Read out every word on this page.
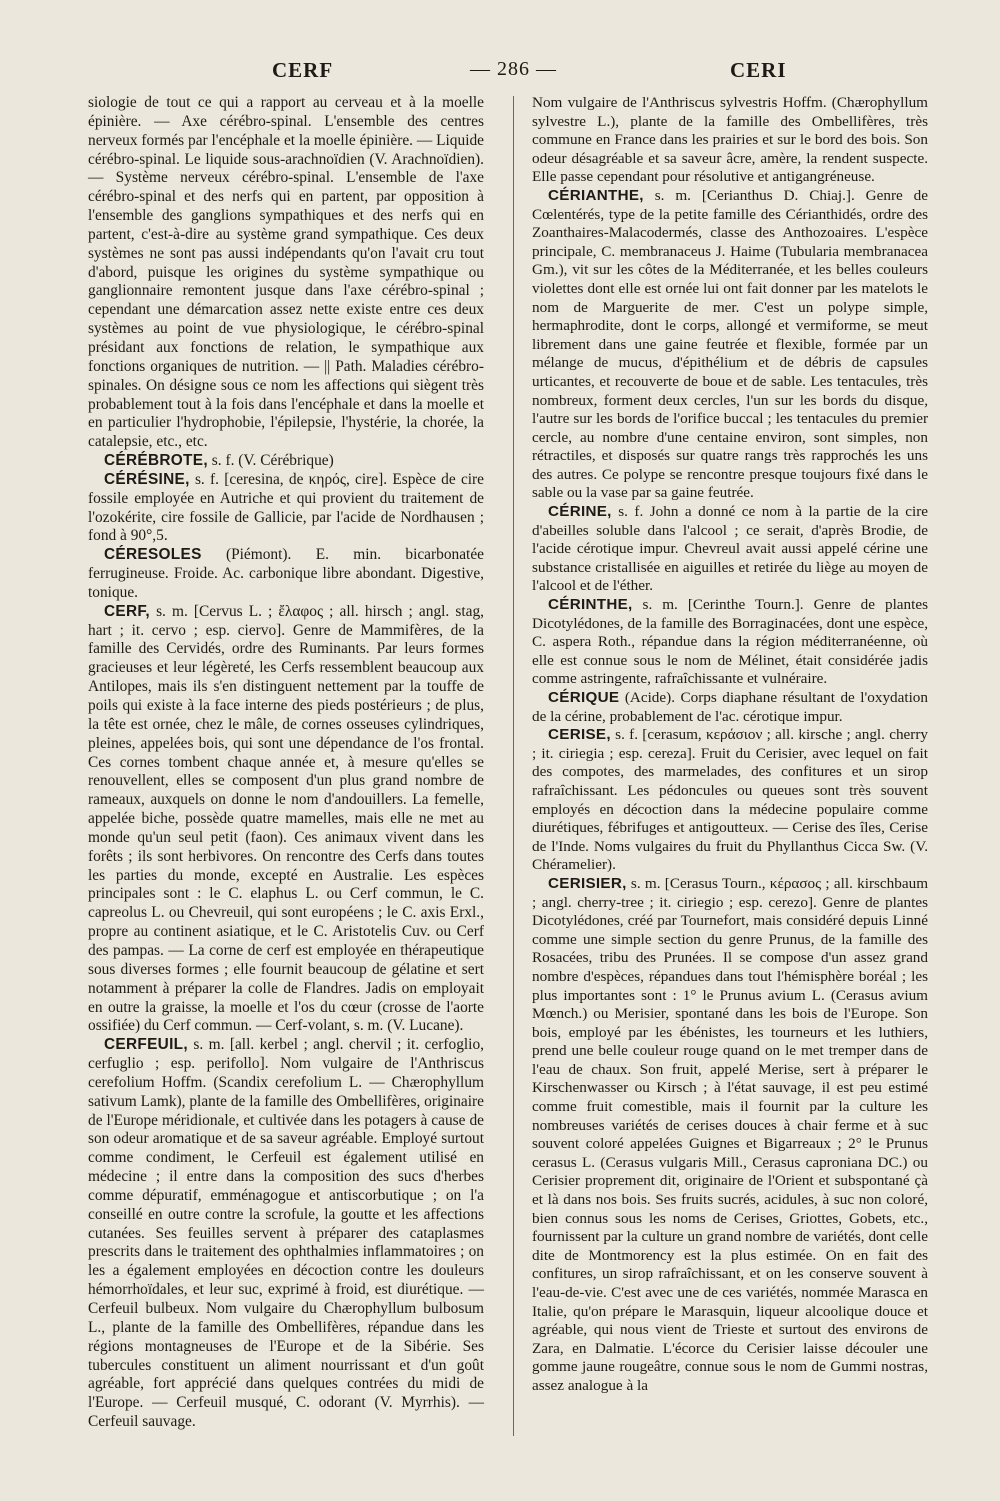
CERF	— 286 —	CERI

siologie de tout ce qui a rapport au cerveau et à la moelle épinière. — Axe cérébro-spinal. L'ensemble des centres nerveux formés par l'encéphale et la moelle épinière. — Liquide cérébro-spinal. Le liquide sous-arachnoïdien (V. Arachnoïdien). — Système nerveux cérébro-spinal. L'ensemble de l'axe cérébro-spinal et des nerfs qui en partent, par opposition à l'ensemble des ganglions sympathiques et des nerfs qui en partent, c'est-à-dire au système grand sympathique. Ces deux systèmes ne sont pas aussi indépendants qu'on l'avait cru tout d'abord, puisque les origines du système sympathique ou ganglionnaire remontent jusque dans l'axe cérébro-spinal ; cependant une démarcation assez nette existe entre ces deux systèmes au point de vue physiologique, le cérébro-spinal présidant aux fonctions de relation, le sympathique aux fonctions organiques de nutrition. — || Path. Maladies cérébro-spinales. On désigne sous ce nom les affections qui siègent très probablement tout à la fois dans l'encéphale et dans la moelle et en particulier l'hydrophobie, l'épilepsie, l'hystérie, la chorée, la catalepsie, etc., etc.

CÉRÉBROTE, s. f. (V. Cérébrique)

CÉRÉSINE, s. f. [ceresina, de κηρός, cire]. Espèce de cire fossile employée en Autriche et qui provient du traitement de l'ozokérite, cire fossile de Gallicie, par l'acide de Nordhausen ; fond à 90°,5.

CÉRESOLES (Piémont). E. min. bicarbonatée ferrugineuse. Froide. Ac. carbonique libre abondant. Digestive, tonique.

CERF, s. m. [Cervus L. ; ἔλαφος ; all. hirsch ; angl. stag, hart ; it. cervo ; esp. ciervo]. Genre de Mammifères, de la famille des Cervidés, ordre des Ruminants. Par leurs formes gracieuses et leur légèreté, les Cerfs ressemblent beaucoup aux Antilopes, mais ils s'en distinguent nettement par la touffe de poils qui existe à la face interne des pieds postérieurs ; de plus, la tête est ornée, chez le mâle, de cornes osseuses cylindriques, pleines, appelées bois, qui sont une dépendance de l'os frontal. Ces cornes tombent chaque année et, à mesure qu'elles se renouvellent, elles se composent d'un plus grand nombre de rameaux, auxquels on donne le nom d'andouillers. La femelle, appelée biche, possède quatre mamelles, mais elle ne met au monde qu'un seul petit (faon). Ces animaux vivent dans les forêts ; ils sont herbivores. On rencontre des Cerfs dans toutes les parties du monde, excepté en Australie. Les espèces principales sont : le C. elaphus L. ou Cerf commun, le C. capreolus L. ou Chevreuil, qui sont européens ; le C. axis Erxl., propre au continent asiatique, et le C. Aristotelis Cuv. ou Cerf des pampas. — La corne de cerf est employée en thérapeutique sous diverses formes ; elle fournit beaucoup de gélatine et sert notamment à préparer la colle de Flandres. Jadis on employait en outre la graisse, la moelle et l'os du cœur (crosse de l'aorte ossifiée) du Cerf commun. — Cerf-volant, s. m. (V. Lucane).

CERFEUIL, s. m. [all. kerbel ; angl. chervil ; it. cerfoglio, cerfuglio ; esp. perifollo]. Nom vulgaire de l'Anthriscus cerefolium Hoffm. (Scandix cerefolium L. — Chærophyllum sativum Lamk), plante de la famille des Ombellifères, originaire de l'Europe méridionale, et cultivée dans les potagers à cause de son odeur aromatique et de sa saveur agréable. Employé surtout comme condiment, le Cerfeuil est également utilisé en médecine ; il entre dans la composition des sucs d'herbes comme dépuratif, emménagogue et antiscorbutique ; on l'a conseillé en outre contre la scrofule, la goutte et les affections cutanées. Ses feuilles servent à préparer des cataplasmes prescrits dans le traitement des ophthalmies inflammatoires ; on les a également employées en décoction contre les douleurs hémorrhoïdales, et leur suc, exprimé à froid, est diurétique. — Cerfeuil bulbeux. Nom vulgaire du Chærophyllum bulbosum L., plante de la famille des Ombellifères, répandue dans les régions montagneuses de l'Europe et de la Sibérie. Ses tubercules constituent un aliment nourrissant et d'un goût agréable, fort apprécié dans quelques contrées du midi de l'Europe. — Cerfeuil musqué, C. odorant (V. Myrrhis). — Cerfeuil sauvage.

Nom vulgaire de l'Anthriscus sylvestris Hoffm. (Chærophyllum sylvestre L.), plante de la famille des Ombellifères, très commune en France dans les prairies et sur le bord des bois. Son odeur désagréable et sa saveur âcre, amère, la rendent suspecte. Elle passe cependant pour résolutive et antigangréneuse.

CÉRIANTHE, s. m. [Cerianthus D. Chiaj.]. Genre de Cœlentérés, type de la petite famille des Cérianthidés, ordre des Zoanthaires-Malacodermés, classe des Anthozoaires. L'espèce principale, C. membranaceus J. Haime (Tubularia membranacea Gm.), vit sur les côtes de la Méditerranée, et les belles couleurs violettes dont elle est ornée lui ont fait donner par les matelots le nom de Marguerite de mer. C'est un polype simple, hermaphrodite, dont le corps, allongé et vermiforme, se meut librement dans une gaine feutrée et flexible, formée par un mélange de mucus, d'épithélium et de débris de capsules urticantes, et recouverte de boue et de sable. Les tentacules, très nombreux, forment deux cercles, l'un sur les bords du disque, l'autre sur les bords de l'orifice buccal ; les tentacules du premier cercle, au nombre d'une centaine environ, sont simples, non rétractiles, et disposés sur quatre rangs très rapprochés les uns des autres. Ce polype se rencontre presque toujours fixé dans le sable ou la vase par sa gaine feutrée.

CÉRINE, s. f. John a donné ce nom à la partie de la cire d'abeilles soluble dans l'alcool ; ce serait, d'après Brodie, de l'acide cérotique impur. Chevreul avait aussi appelé cérine une substance cristallisée en aiguilles et retirée du liège au moyen de l'alcool et de l'éther.

CÉRINTHE, s. m. [Cerinthe Tourn.]. Genre de plantes Dicotylédones, de la famille des Borraginacées, dont une espèce, C. aspera Roth., répandue dans la région méditerranéenne, où elle est connue sous le nom de Mélinet, était considérée jadis comme astringente, rafraîchissante et vulnéraire.

CÉRIQUE (Acide). Corps diaphane résultant de l'oxydation de la cérine, probablement de l'ac. cérotique impur.

CERISE, s. f. [cerasum, κεράσιον ; all. kirsche ; angl. cherry ; it. ciriegia ; esp. cereza]. Fruit du Cerisier, avec lequel on fait des compotes, des marmelades, des confitures et un sirop rafraîchissant. Les pédoncules ou queues sont très souvent employés en décoction dans la médecine populaire comme diurétiques, fébrifuges et antigoutteux. — Cerise des îles, Cerise de l'Inde. Noms vulgaires du fruit du Phyllanthus Cicca Sw. (V. Chéramelier).

CERISIER, s. m. [Cerasus Tourn., κέρασος ; all. kirschbaum ; angl. cherry-tree ; it. ciriegio ; esp. cerezo]. Genre de plantes Dicotylédones, créé par Tournefort, mais considéré depuis Linné comme une simple section du genre Prunus, de la famille des Rosacées, tribu des Prunées. Il se compose d'un assez grand nombre d'espèces, répandues dans tout l'hémisphère boréal ; les plus importantes sont : 1° le Prunus avium L. (Cerasus avium Mœnch.) ou Merisier, spontané dans les bois de l'Europe. Son bois, employé par les ébénistes, les tourneurs et les luthiers, prend une belle couleur rouge quand on le met tremper dans de l'eau de chaux. Son fruit, appelé Merise, sert à préparer le Kirschenwasser ou Kirsch ; à l'état sauvage, il est peu estimé comme fruit comestible, mais il fournit par la culture les nombreuses variétés de cerises douces à chair ferme et à suc souvent coloré appelées Guignes et Bigarreaux ; 2° le Prunus cerasus L. (Cerasus vulgaris Mill., Cerasus caproniana DC.) ou Cerisier proprement dit, originaire de l'Orient et subspontané çà et là dans nos bois. Ses fruits sucrés, acidules, à suc non coloré, bien connus sous les noms de Cerises, Griottes, Gobets, etc., fournissent par la culture un grand nombre de variétés, dont celle dite de Montmorency est la plus estimée. On en fait des confitures, un sirop rafraîchissant, et on les conserve souvent à l'eau-de-vie. C'est avec une de ces variétés, nommée Marasca en Italie, qu'on prépare le Marasquin, liqueur alcoolique douce et agréable, qui nous vient de Trieste et surtout des environs de Zara, en Dalmatie. L'écorce du Cerisier laisse découler une gomme jaune rougeâtre, connue sous le nom de Gummi nostras, assez analogue à la
